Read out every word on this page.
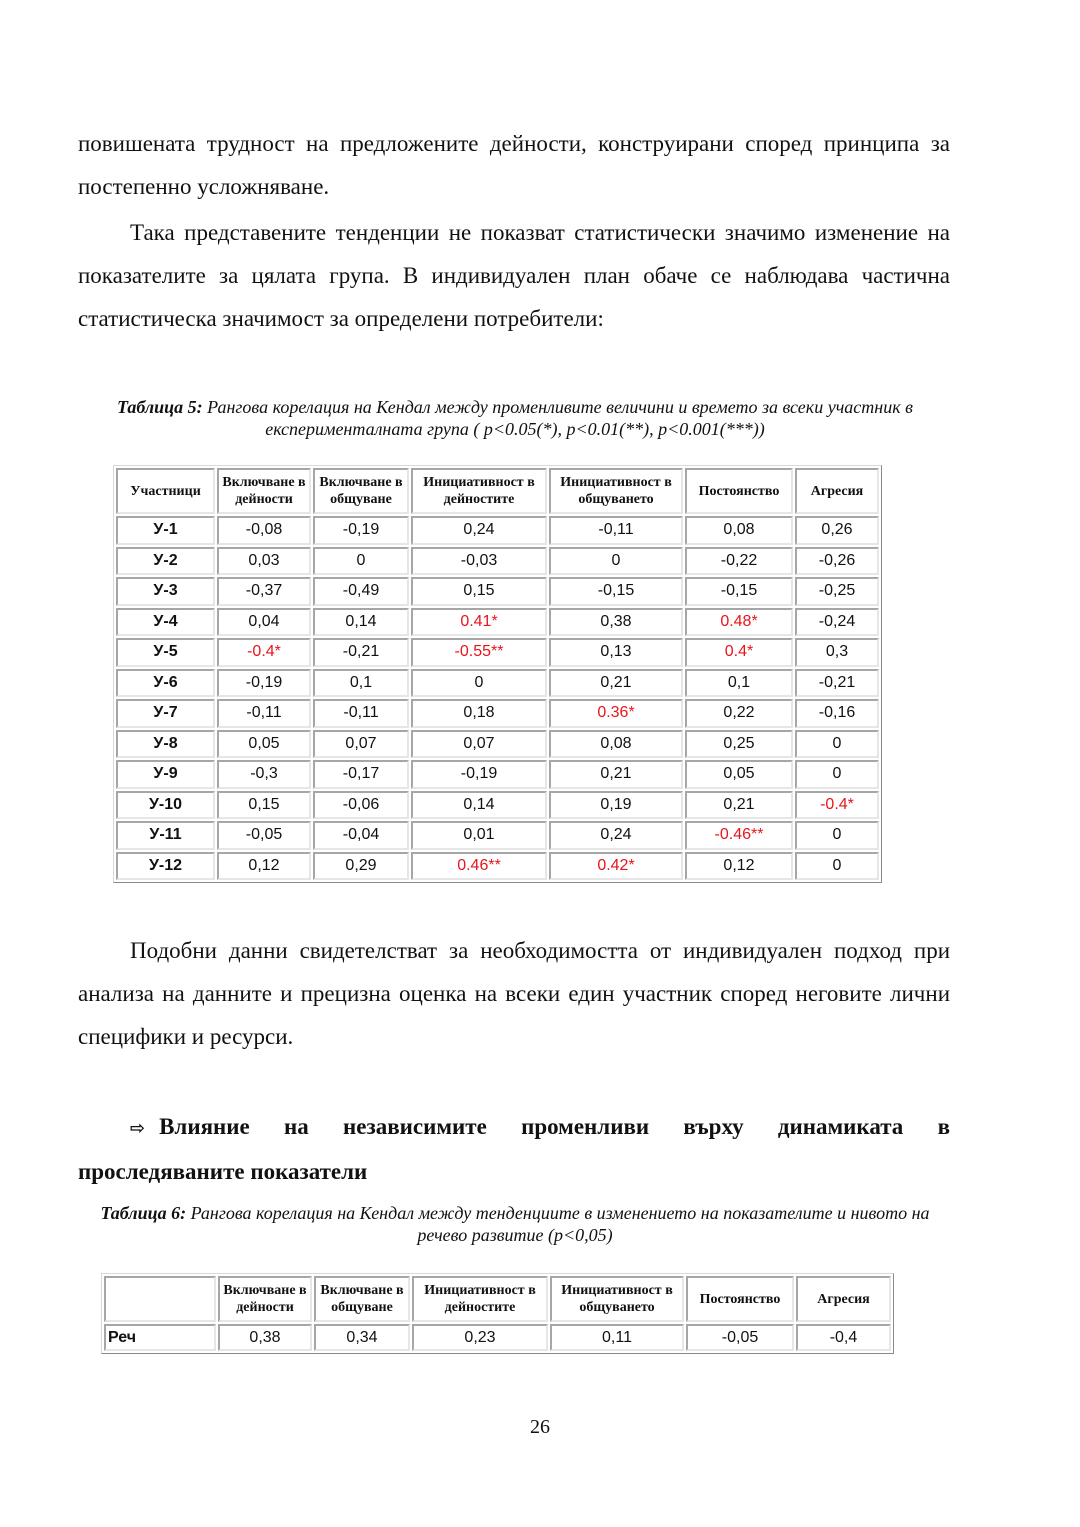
повишената трудност на предложените дейности, конструирани според принципа за постепенно усложняване.

Така представените тенденции не показват статистически значимо изменение на показателите за цялата група. В индивидуален план обаче се наблюдава частична статистическа значимост за определени потребители:

Таблица 5: Рангова корелация на Кендал между променливите величини и времето за всеки участник в експерименталната група ( p<0.05(*), p<0.01(**), p<0.001(***))

Участници	Включване в дейности	Включване в общуване	Инициативност в дейностите	Инициативност в общуването	Постоянство	Агресия
У-1	-0,08	-0,19	0,24	-0,11	0,08	0,26
У-2	0,03	0	-0,03	0	-0,22	-0,26
У-3	-0,37	-0,49	0,15	-0,15	-0,15	-0,25
У-4	0,04	0,14	0.41*	0,38	0.48*	-0,24
У-5	-0.4*	-0,21	-0.55**	0,13	0.4*	0,3
У-6	-0,19	0,1	0	0,21	0,1	-0,21
У-7	-0,11	-0,11	0,18	0.36*	0,22	-0,16
У-8	0,05	0,07	0,07	0,08	0,25	0
У-9	-0,3	-0,17	-0,19	0,21	0,05	0
У-10	0,15	-0,06	0,14	0,19	0,21	-0.4*
У-11	-0,05	-0,04	0,01	0,24	-0.46**	0
У-12	0,12	0,29	0.46**	0.42*	0,12	0

Подобни данни свидетелстват за необходимостта от индивидуален подход при анализа на данните и прецизна оценка на всеки един участник според неговите лични специфики и ресурси.

⇨ Влияние на независимите променливи върху динамиката в проследяваните показатели

Таблица 6: Рангова корелация на Кендал между тенденциите в изменението на показателите и нивото на речево развитие (p<0,05)

	Включване в дейности	Включване в общуване	Инициативност в дейностите	Инициативност в общуването	Постоянство	Агресия
Реч	0,38	0,34	0,23	0,11	-0,05	-0,4
26
